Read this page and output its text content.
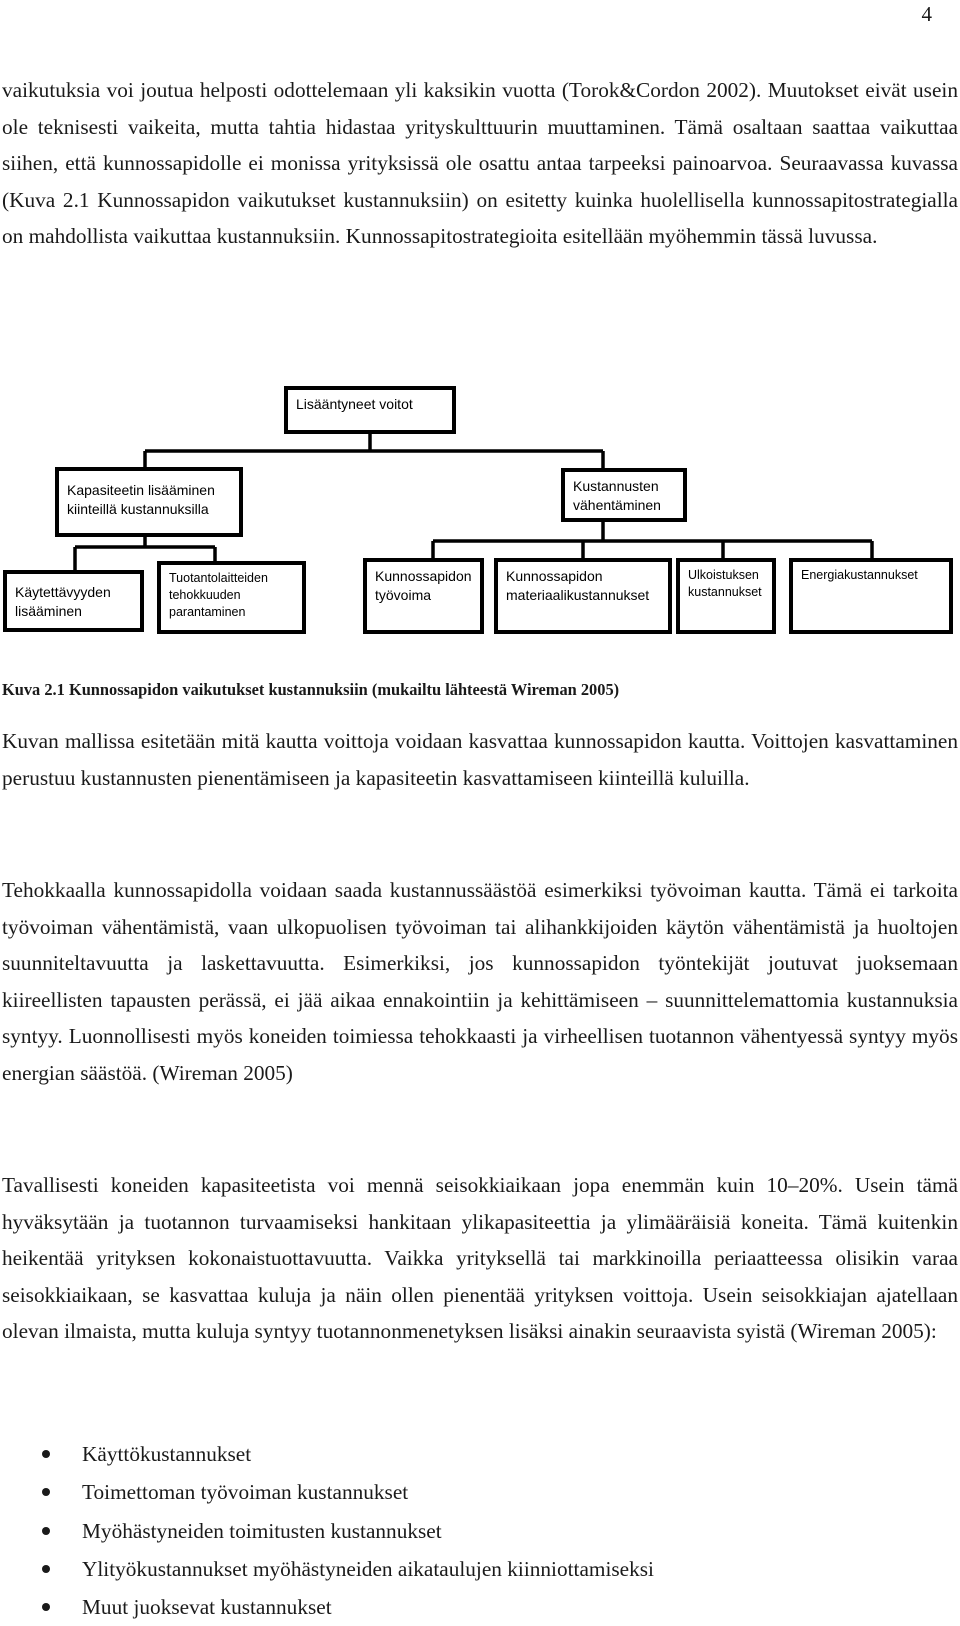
4

vaikutuksia voi joutua helposti odottelemaan yli kaksikin vuotta (Torok&Cordon 2002). Muutokset eivät usein ole teknisesti vaikeita, mutta tahtia hidastaa yrityskulttuurin muuttaminen. Tämä osaltaan saattaa vaikuttaa siihen, että kunnossapidolle ei monissa yrityksissä ole osattu antaa tarpeeksi painoarvoa. Seuraavassa kuvassa (Kuva 2.1 Kunnossapidon vaikutukset kustannuksiin) on esitetty kuinka huolellisella kunnossapitostrategialla on mahdollista vaikuttaa kustannuksiin. Kunnossapitostrategioita esitellään myöhemmin tässä luvussa.

Lisääntyneet voitot
Kapasiteetin lisääminen
kiinteillä kustannuksilla
Kustannusten
vähentäminen
Käytettävyyden
lisääminen
Tuotantolaitteiden
tehokkuuden
parantaminen
Kunnossapidon
työvoima
Kunnossapidon
materiaalikustannukset
Ulkoistuksen
kustannukset
Energiakustannukset

Kuva 2.1 Kunnossapidon vaikutukset kustannuksiin (mukailtu lähteestä Wireman 2005)

Kuvan mallissa esitetään mitä kautta voittoja voidaan kasvattaa kunnossapidon kautta. Voittojen kasvattaminen perustuu kustannusten pienentämiseen ja kapasiteetin kasvattamiseen kiinteillä kuluilla.

Tehokkaalla kunnossapidolla voidaan saada kustannussäästöä esimerkiksi työvoiman kautta. Tämä ei tarkoita työvoiman vähentämistä, vaan ulkopuolisen työvoiman tai alihankkijoiden käytön vähentämistä ja huoltojen suunniteltavuutta ja laskettavuutta. Esimerkiksi, jos kunnossapidon työntekijät joutuvat juoksemaan kiireellisten tapausten perässä, ei jää aikaa ennakointiin ja kehittämiseen – suunnittelemattomia kustannuksia syntyy. Luonnollisesti myös koneiden toimiessa tehokkaasti ja virheellisen tuotannon vähentyessä syntyy myös energian säästöä. (Wireman 2005)

Tavallisesti koneiden kapasiteetista voi mennä seisokkiaikaan jopa enemmän kuin 10–20%. Usein tämä hyväksytään ja tuotannon turvaamiseksi hankitaan ylikapasiteettia ja ylimääräisiä koneita. Tämä kuitenkin heikentää yrityksen kokonaistuottavuutta. Vaikka yrityksellä tai markkinoilla periaatteessa olisikin varaa seisokkiaikaan, se kasvattaa kuluja ja näin ollen pienentää yrityksen voittoja. Usein seisokkiajan ajatellaan olevan ilmaista, mutta kuluja syntyy tuotannonmenetyksen lisäksi ainakin seuraavista syistä (Wireman 2005):

Käyttökustannukset
Toimettoman työvoiman kustannukset
Myöhästyneiden toimitusten kustannukset
Ylityökustannukset myöhästyneiden aikataulujen kiinniottamiseksi
Muut juoksevat kustannukset
